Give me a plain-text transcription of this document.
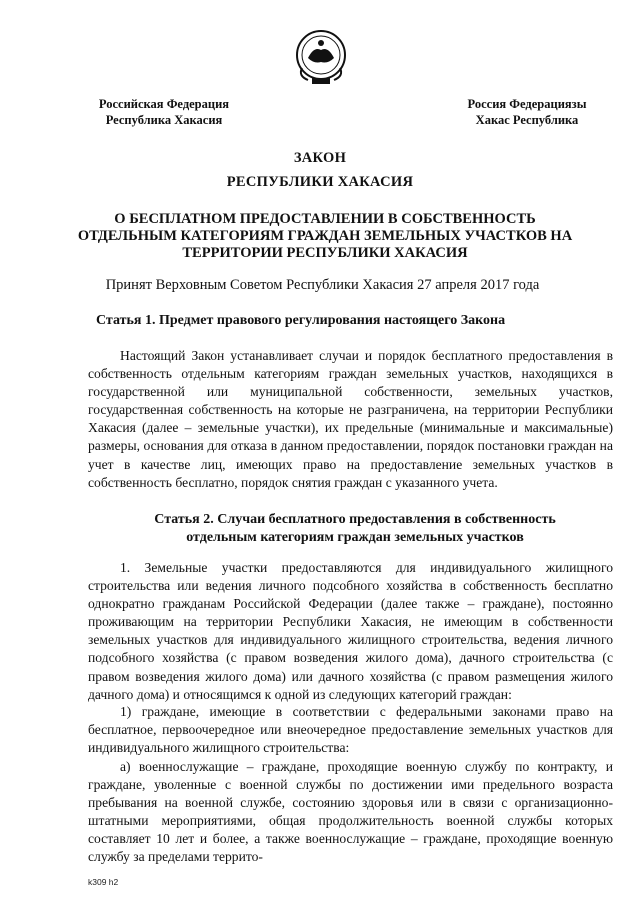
Российская Федерация
Республика Хакасия
Россия Федерациязы
Хакас Республика
ЗАКОН
РЕСПУБЛИКИ ХАКАСИЯ
О БЕСПЛАТНОМ ПРЕДОСТАВЛЕНИИ В СОБСТВЕННОСТЬ ОТДЕЛЬНЫМ КАТЕГОРИЯМ ГРАЖДАН ЗЕМЕЛЬНЫХ УЧАСТКОВ НА ТЕРРИТОРИИ РЕСПУБЛИКИ ХАКАСИЯ
Принят Верховным Советом Республики Хакасия 27 апреля 2017 года
Статья 1. Предмет правового регулирования настоящего Закона
Настоящий Закон устанавливает случаи и порядок бесплатного предоставления в собственность отдельным категориям граждан земельных участков, находящихся в государственной или муниципальной собственности, земельных участков, государственная собственность на которые не разграничена, на территории Республики Хакасия (далее – земельные участки), их предельные (минимальные и максимальные) размеры, основания для отказа в данном предоставлении, порядок постановки граждан на учет в качестве лиц, имеющих право на предоставление земельных участков в собственность бесплатно, порядок снятия граждан с указанного учета.
Статья 2. Случаи бесплатного предоставления в собственность отдельным категориям граждан земельных участков
1. Земельные участки предоставляются для индивидуального жилищного строительства или ведения личного подсобного хозяйства в собственность бесплатно однократно гражданам Российской Федерации (далее также – граждане), постоянно проживающим на территории Республики Хакасия, не имеющим в собственности земельных участков для индивидуального жилищного строительства, ведения личного подсобного хозяйства (с правом возведения жилого дома), дачного строительства (с правом возведения жилого дома) или дачного хозяйства (с правом размещения жилого дачного дома) и относящимся к одной из следующих категорий граждан:
1) граждане, имеющие в соответствии с федеральными законами право на бесплатное, первоочередное или внеочередное предоставление земельных участков для индивидуального жилищного строительства:
а) военнослужащие – граждане, проходящие военную службу по контракту, и граждане, уволенные с военной службы по достижении ими предельного возраста пребывания на военной службе, состоянию здоровья или в связи с организационно-штатными мероприятиями, общая продолжительность военной службы которых составляет 10 лет и более, а также военнослужащие – граждане, проходящие военную службу за пределами террито-
k309 h2
